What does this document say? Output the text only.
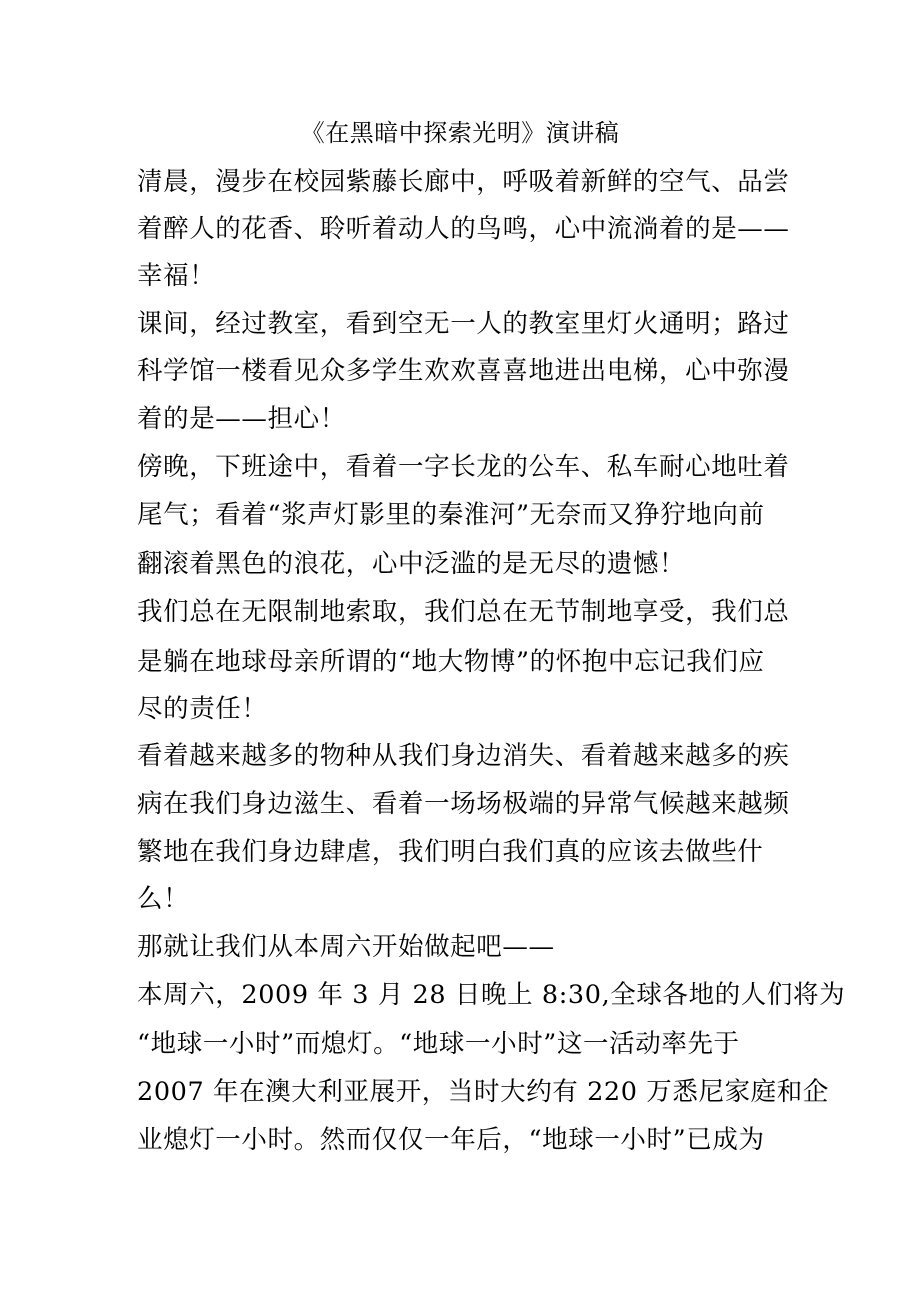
《在黑暗中探索光明》演讲稿
清晨，漫步在校园紫藤长廊中，呼吸着新鲜的空气、品尝
着醉人的花香、聆听着动人的鸟鸣，心中流淌着的是——
幸福！
课间，经过教室，看到空无一人的教室里灯火通明；路过
科学馆一楼看见众多学生欢欢喜喜地进出电梯，心中弥漫
着的是——担心！
傍晚，下班途中，看着一字长龙的公车、私车耐心地吐着
尾气；看着“浆声灯影里的秦淮河”无奈而又狰狞地向前
翻滚着黑色的浪花，心中泛滥的是无尽的遗憾！
我们总在无限制地索取，我们总在无节制地享受，我们总
是躺在地球母亲所谓的“地大物博”的怀抱中忘记我们应
尽的责任！
看着越来越多的物种从我们身边消失、看着越来越多的疾
病在我们身边滋生、看着一场场极端的异常气候越来越频
繁地在我们身边肆虐，我们明白我们真的应该去做些什
么！
那就让我们从本周六开始做起吧——
本周六，2009 年 3 月 28 日晚上 8:30,全球各地的人们将为
“地球一小时”而熄灯。“地球一小时”这一活动率先于
2007 年在澳大利亚展开，当时大约有 220 万悉尼家庭和企
业熄灯一小时。然而仅仅一年后，“地球一小时”已成为
